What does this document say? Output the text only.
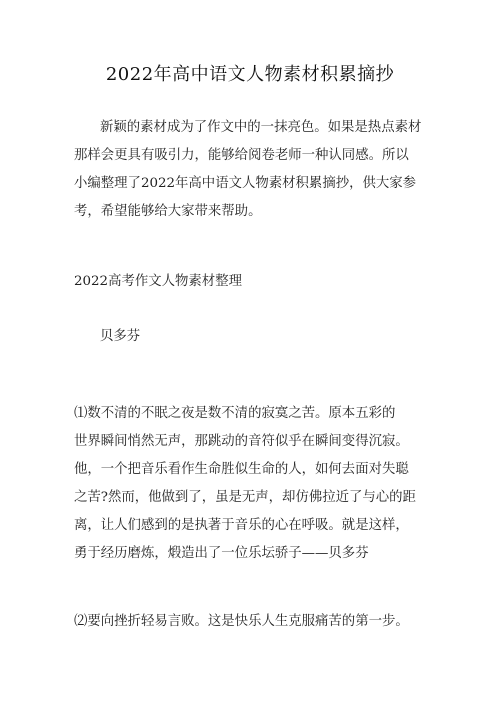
2022年高中语文人物素材积累摘抄

新颖的素材成为了作文中的一抹亮色。如果是热点素材
那样会更具有吸引力，能够给阅卷老师一种认同感。所以
小编整理了2022年高中语文人物素材积累摘抄，供大家参
考，希望能够给大家带来帮助。

2022高考作文人物素材整理
贝多芬

⑴数不清的不眠之夜是数不清的寂寞之苦。原本五彩的
世界瞬间悄然无声，那跳动的音符似乎在瞬间变得沉寂。
他，一个把音乐看作生命胜似生命的人，如何去面对失聪
之苦?然而，他做到了，虽是无声，却仿佛拉近了与心的距
离，让人们感到的是执著于音乐的心在呼吸。就是这样，
勇于经历磨炼，煅造出了一位乐坛骄子——贝多芬

⑵要向挫折轻易言败。这是快乐人生克服痛苦的第一步。
